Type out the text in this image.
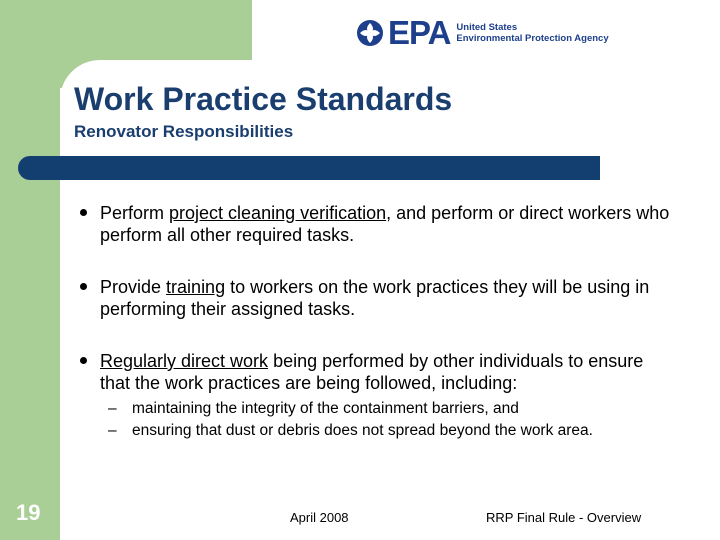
EPA United States
Environmental Protection Agency
Work Practice Standards
Renovator Responsibilities
Perform project cleaning verification, and perform or direct workers who perform all other required tasks.
Provide training to workers on the work practices they will be using in performing their assigned tasks.
Regularly direct work being performed by other individuals to ensure that the work practices are being followed, including:
– maintaining the integrity of the containment barriers, and
– ensuring that dust or debris does not spread beyond the work area.
19	April 2008	RRP Final Rule - Overview
